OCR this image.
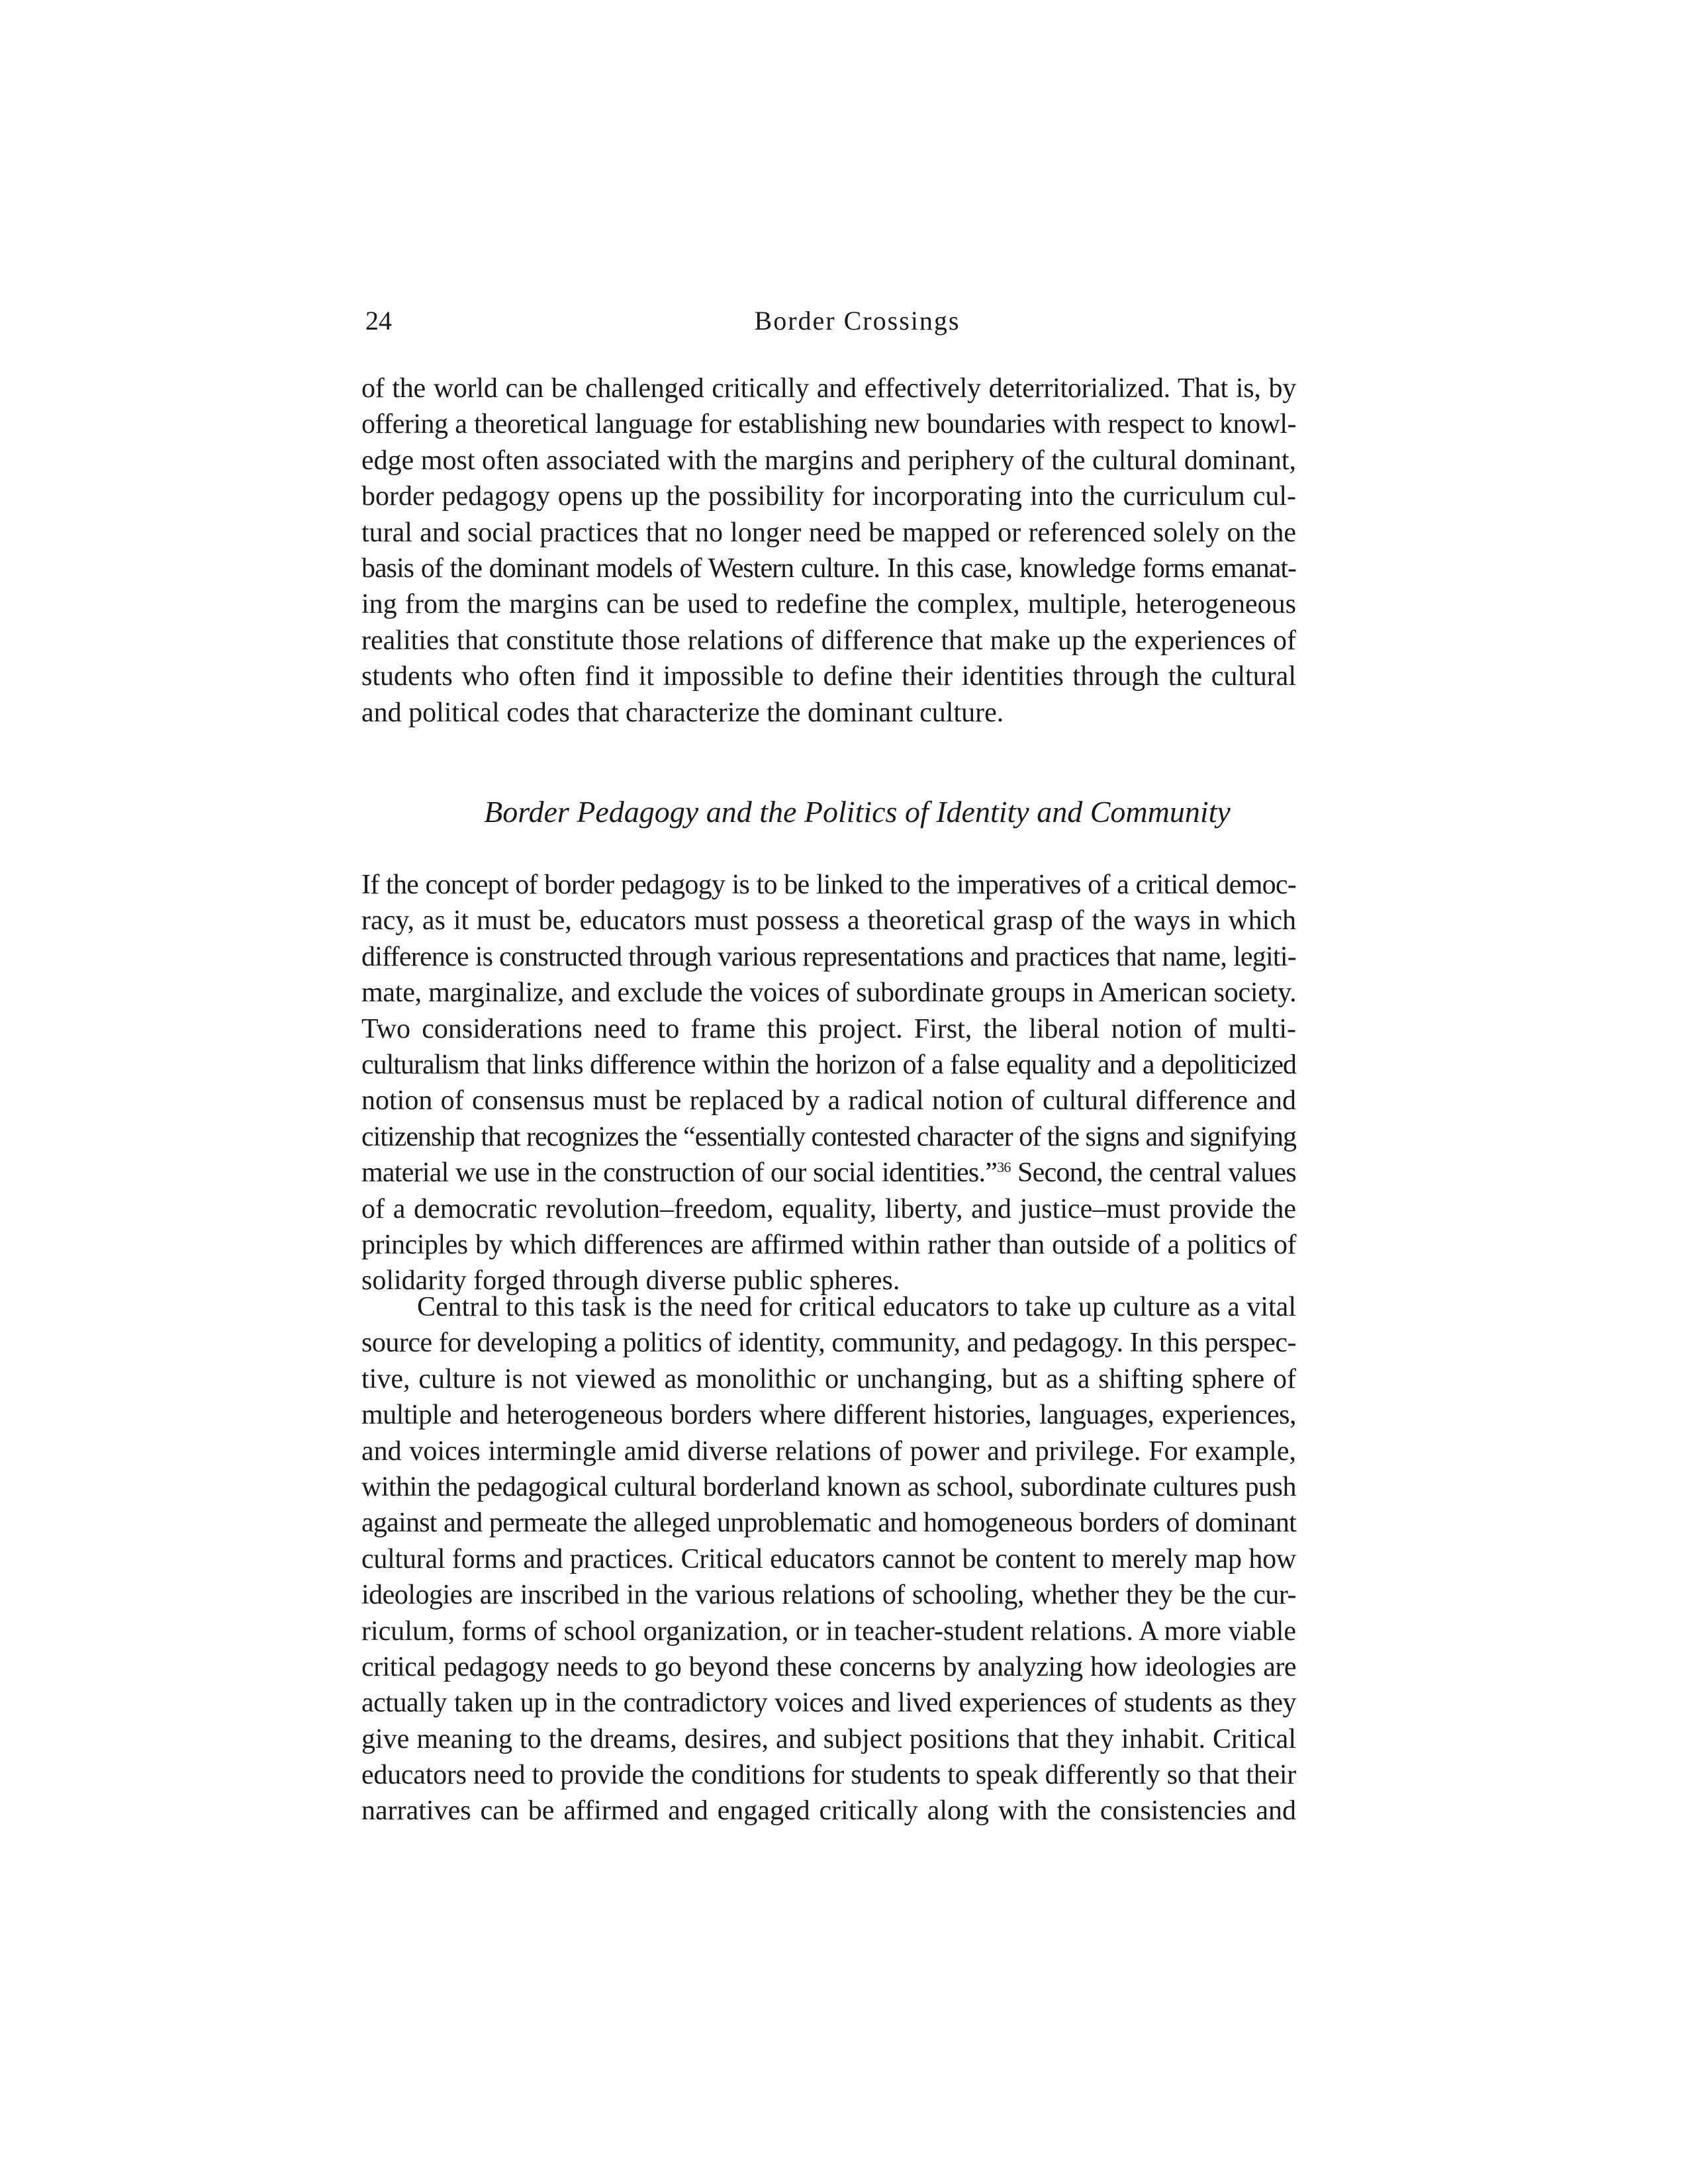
24	Border Crossings
of the world can be challenged critically and effectively deterritorialized. That is, by
offering a theoretical language for establishing new boundaries with respect to knowl-
edge most often associated with the margins and periphery of the cultural dominant,
border pedagogy opens up the possibility for incorporating into the curriculum cul-
tural and social practices that no longer need be mapped or referenced solely on the
basis of the dominant models of Western culture. In this case, knowledge forms emanat-
ing from the margins can be used to redefine the complex, multiple, heterogeneous
realities that constitute those relations of difference that make up the experiences of
students who often find it impossible to define their identities through the cultural
and political codes that characterize the dominant culture.
Border Pedagogy and the Politics of Identity and Community
If the concept of border pedagogy is to be linked to the imperatives of a critical democ-
racy, as it must be, educators must possess a theoretical grasp of the ways in which
difference is constructed through various representations and practices that name, legiti-
mate, marginalize, and exclude the voices of subordinate groups in American society.
Two considerations need to frame this project. First, the liberal notion of multi-
culturalism that links difference within the horizon of a false equality and a depoliticized
notion of consensus must be replaced by a radical notion of cultural difference and
citizenship that recognizes the “essentially contested character of the signs and signifying
material we use in the construction of our social identities.”$^{36}$ Second, the central values
of a democratic revolution–freedom, equality, liberty, and justice–must provide the
principles by which differences are affirmed within rather than outside of a politics of
solidarity forged through diverse public spheres.
Central to this task is the need for critical educators to take up culture as a vital
source for developing a politics of identity, community, and pedagogy. In this perspec-
tive, culture is not viewed as monolithic or unchanging, but as a shifting sphere of
multiple and heterogeneous borders where different histories, languages, experiences,
and voices intermingle amid diverse relations of power and privilege. For example,
within the pedagogical cultural borderland known as school, subordinate cultures push
against and permeate the alleged unproblematic and homogeneous borders of dominant
cultural forms and practices. Critical educators cannot be content to merely map how
ideologies are inscribed in the various relations of schooling, whether they be the cur-
riculum, forms of school organization, or in teacher-student relations. A more viable
critical pedagogy needs to go beyond these concerns by analyzing how ideologies are
actually taken up in the contradictory voices and lived experiences of students as they
give meaning to the dreams, desires, and subject positions that they inhabit. Critical
educators need to provide the conditions for students to speak differently so that their
narratives can be affirmed and engaged critically along with the consistencies and
